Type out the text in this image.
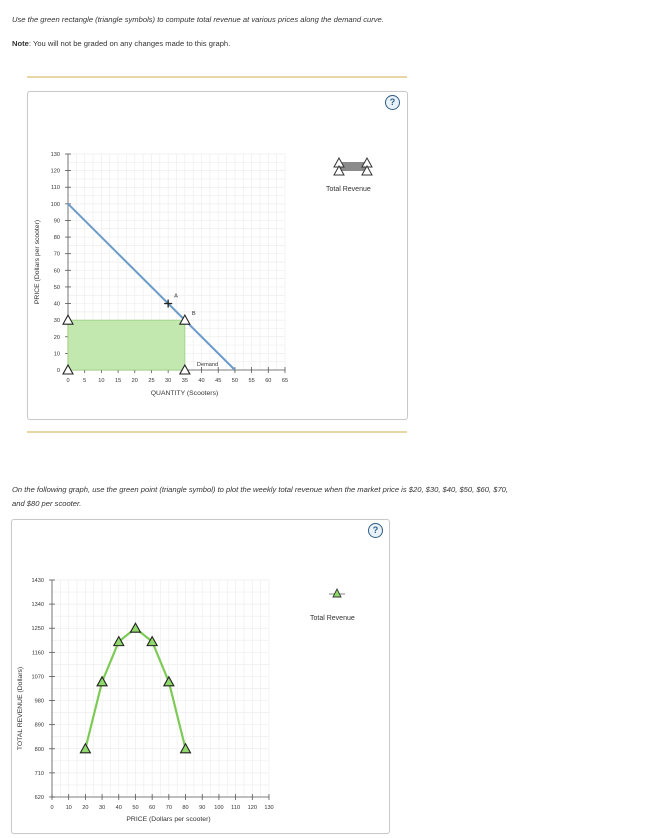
Use the green rectangle (triangle symbols) to compute total revenue at various prices along the demand curve.
Note: You will not be graded on any changes made to this graph.
?
Total Revenue
0
10
20
30
40
50
60
70
80
90
100
110
120
130
0 5 10 15 20 25 30 35 40 45 50 55 60 65
Demand
A
B
QUANTITY (Scooters)
PRICE (Dollars per scooter)
620
710
800
890
980
1070
1160
1250
1340
1430
0 10 20 30 40 50 60 70 80 90 100 110 120 130
PRICE (Dollars per scooter)
TOTAL REVENUE (Dollars)
On the following graph, use the green point (triangle symbol) to plot the weekly total revenue when the market price is $20, $30, $40, $50, $60, $70,
and $80 per scooter.
?
Total Revenue
